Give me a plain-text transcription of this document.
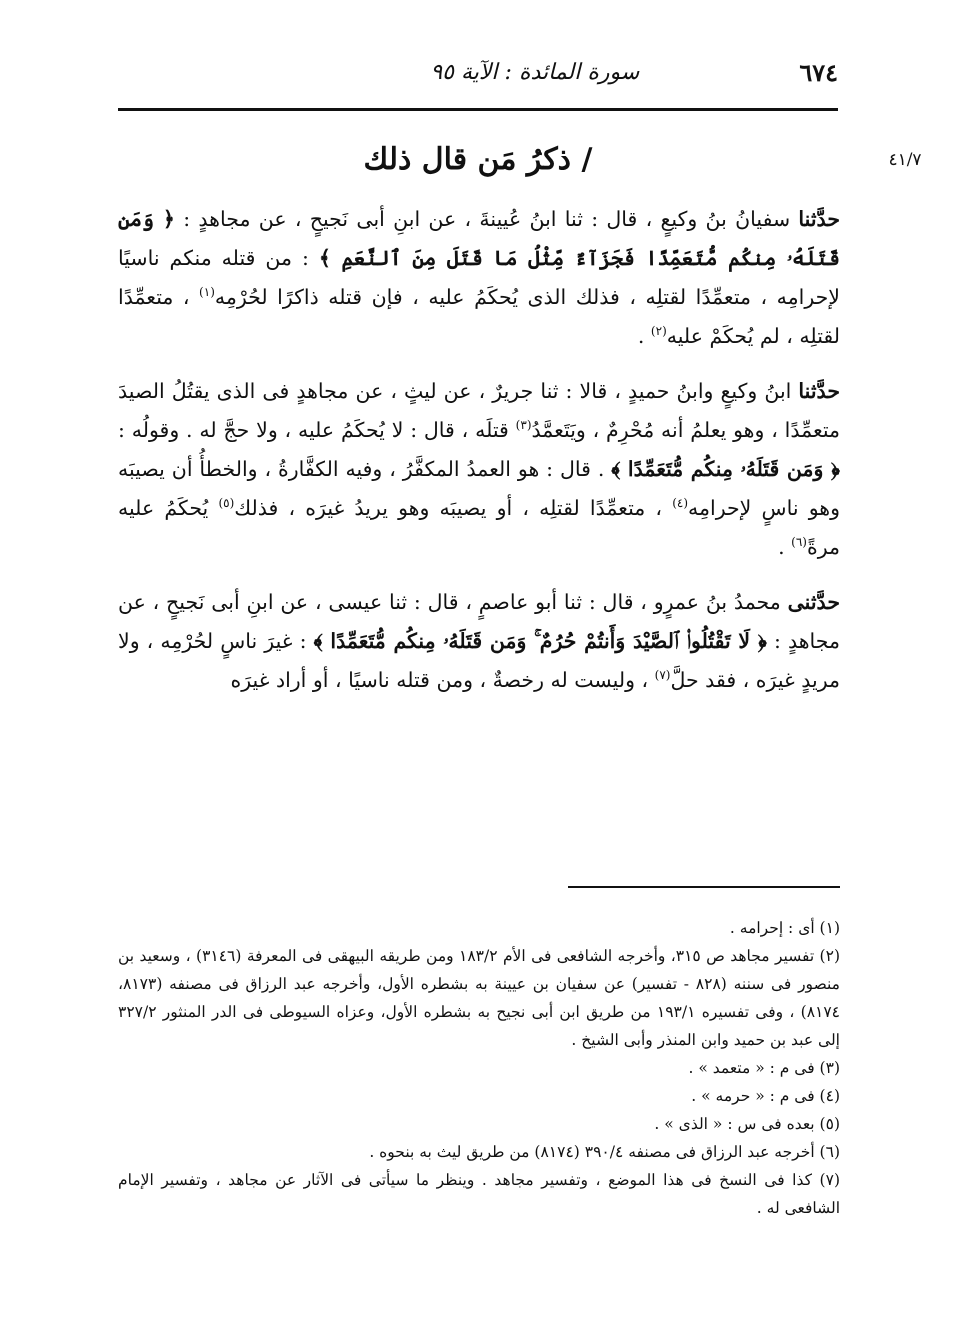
٦٧٤
سورة المائدة : الآية ٩٥
٤١/٧
/ ذكرُ مَن قال ذلك

حدَّثنا سفيانُ بنُ وكيعٍ ، قال : ثنا ابنُ عُيينةَ ، عن ابنِ أبى نَجيحٍ ، عن مجاهدٍ : ﴿ وَمَن قَتَلَهُۥ مِنكُم مُّتَعَمِّدًا فَجَزَآءٌ مِّثْلُ مَا قَتَلَ مِنَ ٱلنَّعَمِ ﴾ : من قتله منكم ناسيًا لإحرامِه ، متعمِّدًا لقتلِه ، فذلك الذى يُحكَمُ عليه ، فإن قتله ذاكرًا لحُرْمِه$^{(١)}$ ، متعمِّدًا لقتلِه ، لم يُحكَمْ عليه$^{(٢)}$ .

حدَّثنا ابنُ وكيعٍ وابنُ حميدٍ ، قالا : ثنا جريرٌ ، عن ليثٍ ، عن مجاهدٍ فى الذى يقتُلُ الصيدَ متعمِّدًا ، وهو يعلمُ أنه مُحْرِمٌ ، ويَتَعمَّدُ$^{(٣)}$ قتلَه ، قال : لا يُحكَمُ عليه ، ولا حجَّ له . وقولُه : ﴿ وَمَن قَتَلَهُۥ مِنكُم مُّتَعَمِّدًا ﴾ . قال : هو العمدُ المكفَّرُ ، وفيه الكفَّارةُ ، والخطأُ أن يصيبَه وهو ناسٍ لإحرامِه$^{(٤)}$ ، متعمِّدًا لقتلِه ، أو يصيبَه وهو يريدُ غيرَه ، فذلك$^{(٥)}$ يُحكَمُ عليه مرةً$^{(٦)}$ .

حدَّثنى محمدُ بنُ عمرٍو ، قال : ثنا أبو عاصمٍ ، قال : ثنا عيسى ، عن ابنِ أبى نَجيحٍ ، عن مجاهدٍ : ﴿ لَا تَقْتُلُوا۟ ٱلصَّيْدَ وَأَنتُمْ حُرُمٌ ۚ وَمَن قَتَلَهُۥ مِنكُم مُّتَعَمِّدًا ﴾ : غيرَ ناسٍ لحُرْمِه ، ولا مريدٍ غيرَه ، فقد حلَّ$^{(٧)}$ ، وليست له رخصةٌ ، ومن قتله ناسيًا ، أو أراد غيرَه

(١) أى : إحرامه .

(٢) تفسير مجاهد ص ٣١٥، وأخرجه الشافعى فى الأم ١٨٣/٢ ومن طريقه البيهقى فى المعرفة (٣١٤٦) ، وسعيد بن منصور فى سننه (٨٢٨ - تفسير) عن سفيان بن عيينة به بشطره الأول، وأخرجه عبد الرزاق فى مصنفه (٨١٧٣، ٨١٧٤) ، وفى تفسيره ١٩٣/١ من طريق ابن أبى نجيح به بشطره الأول، وعزاه السيوطى فى الدر المنثور ٣٢٧/٢ إلى عبد بن حميد وابن المنذر وأبى الشيخ .

(٣) فى م : « متعمد » .

(٤) فى م : « حرمه » .

(٥) بعده فى س : « الذى » .

(٦) أخرجه عبد الرزاق فى مصنفه ٣٩٠/٤ (٨١٧٤) من طريق ليث به بنحوه .

(٧) كذا فى النسخ فى هذا الموضع ، وتفسير مجاهد . وينظر ما سيأتى فى الآثار عن مجاهد ، وتفسير الإمام الشافعى له .
